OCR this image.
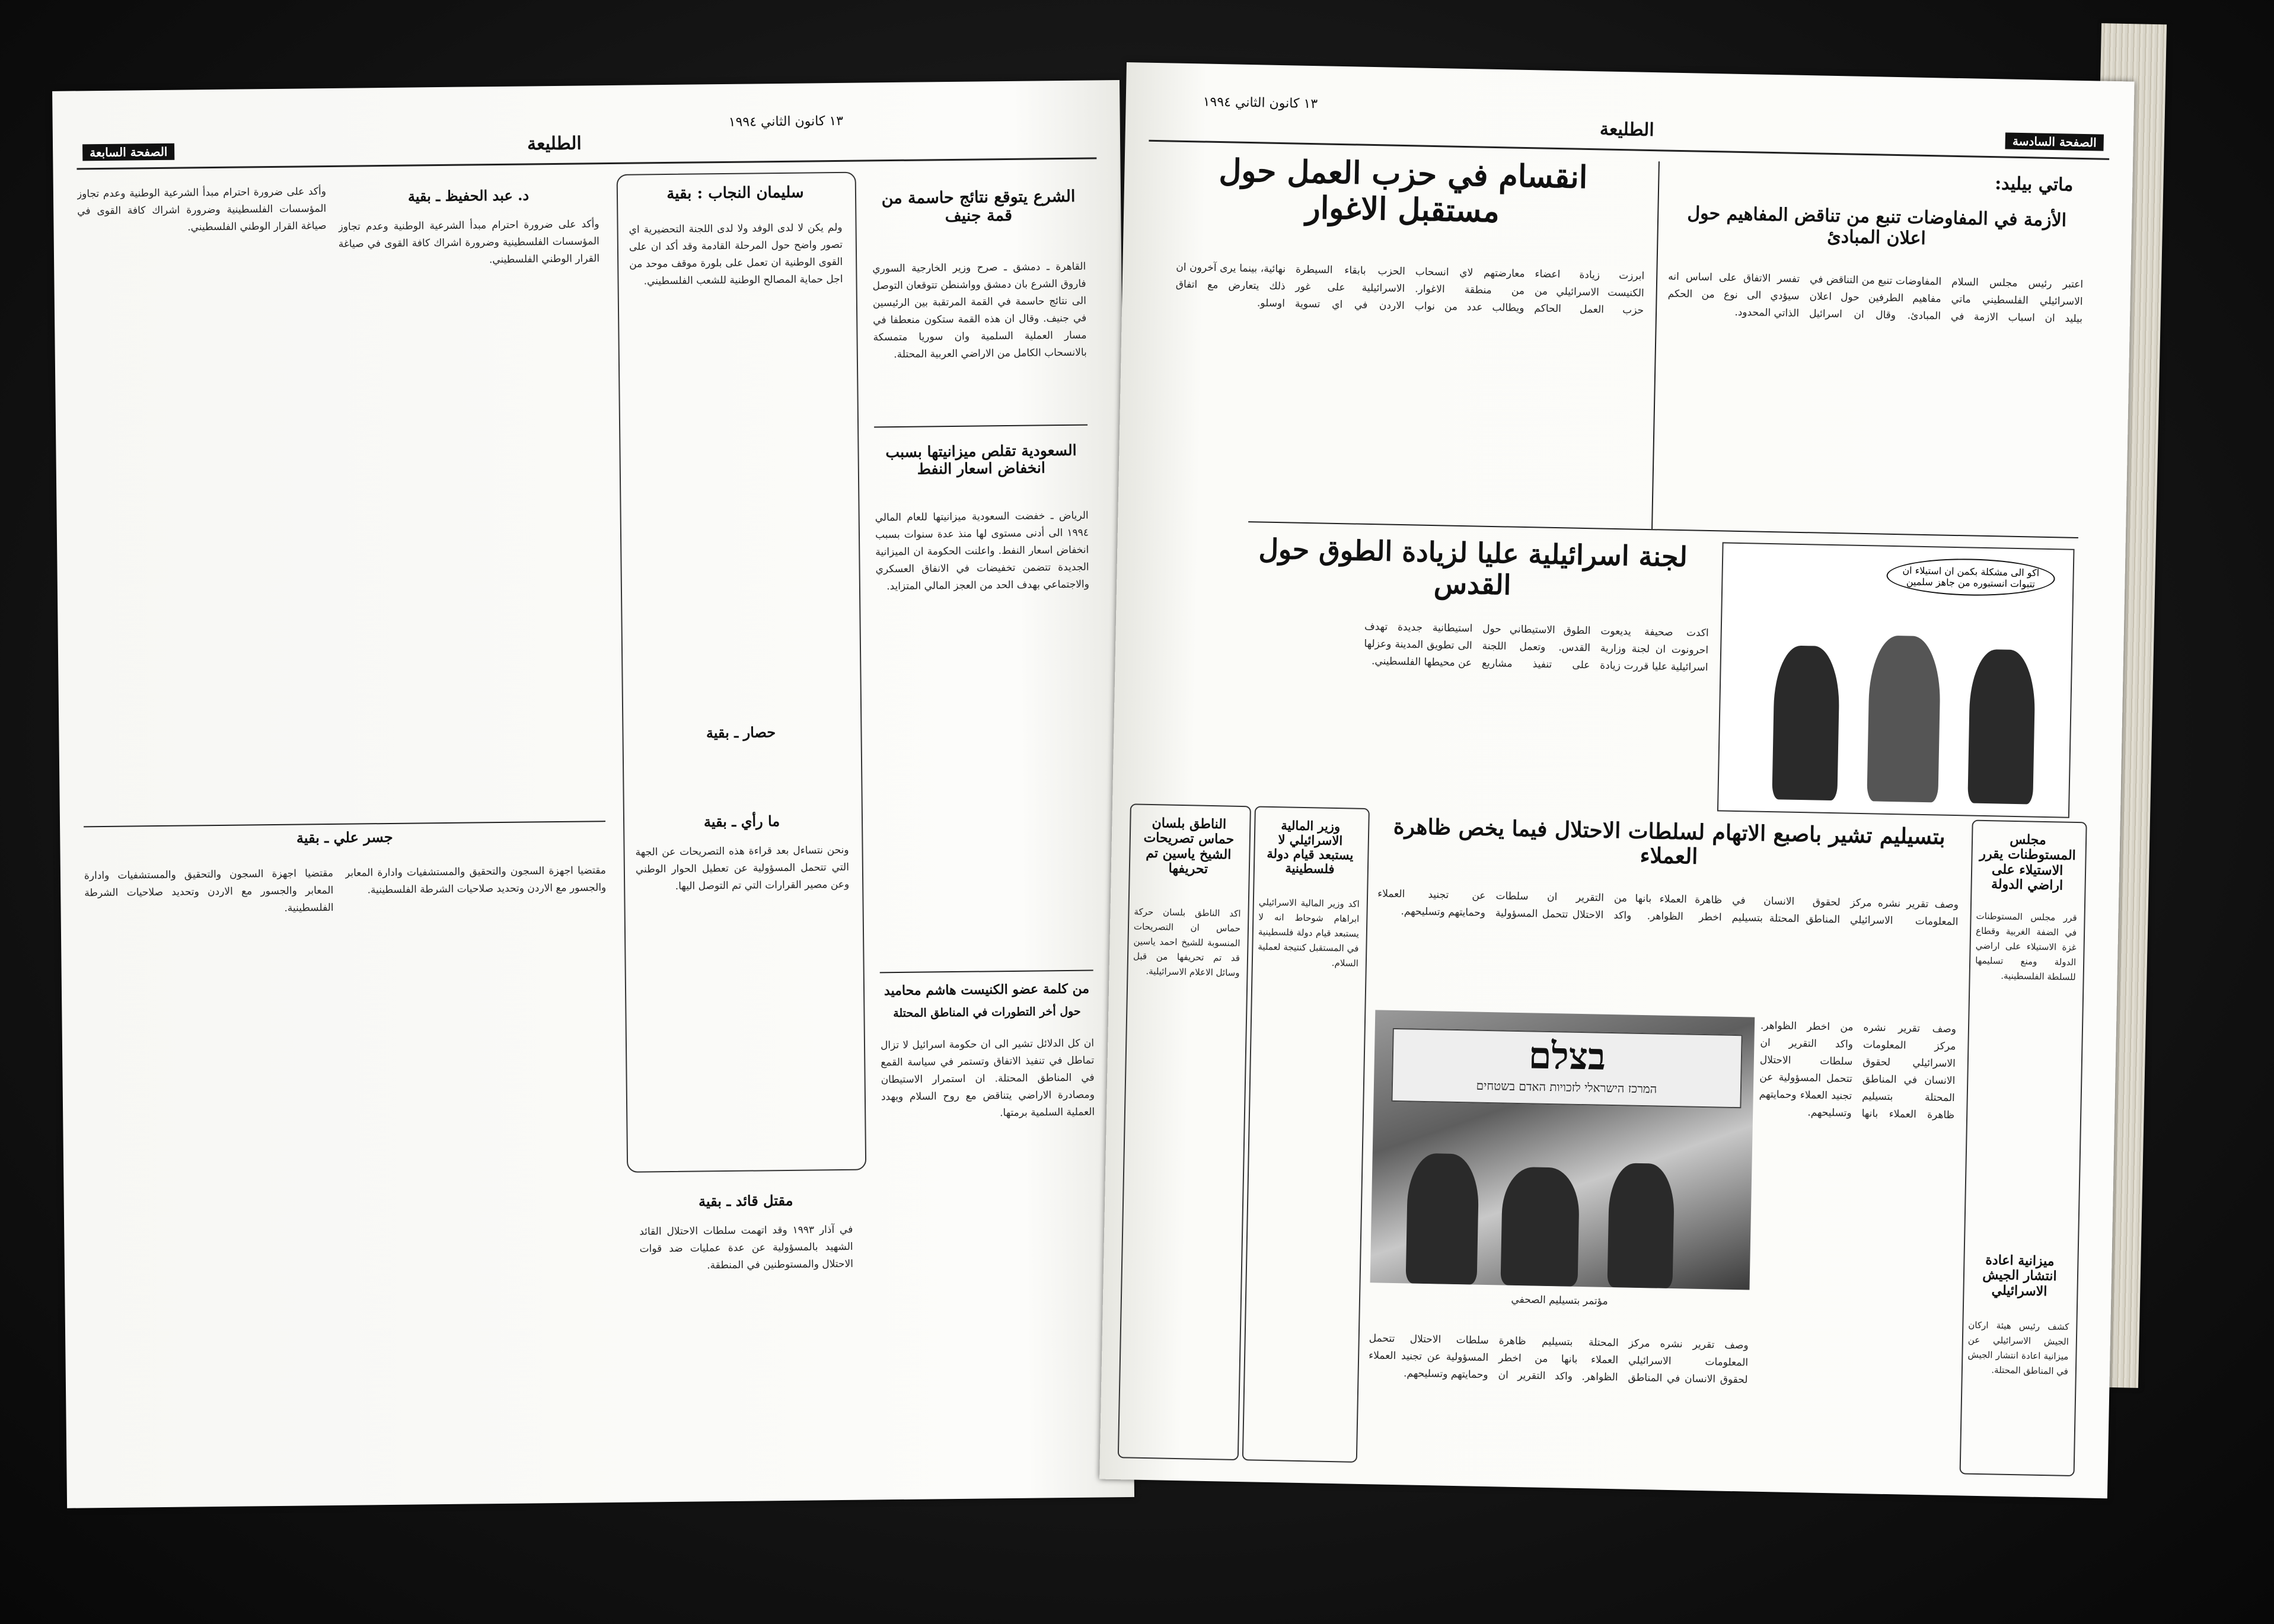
١٣ كانون الثاني ١٩٩٤
الطليعة
الصفحة السابعة
الشرع يتوقع نتائج حاسمة من قمة جنيف
القاهرة ـ دمشق ـ صرح وزير الخارجية السوري فاروق الشرع بان دمشق وواشنطن تتوقعان التوصل الى نتائج حاسمة في القمة المرتقبة بين الرئيسين في جنيف. وقال ان هذه القمة ستكون منعطفا في مسار العملية السلمية وان سوريا متمسكة بالانسحاب الكامل من الاراضي العربية المحتلة.
السعودية تقلص ميزانيتها بسبب انخفاض اسعار النفط
الرياض ـ خفضت السعودية ميزانيتها للعام المالي ١٩٩٤ الى أدنى مستوى لها منذ عدة سنوات بسبب انخفاض اسعار النفط. واعلنت الحكومة ان الميزانية الجديدة تتضمن تخفيضات في الانفاق العسكري والاجتماعي بهدف الحد من العجز المالي المتزايد.
من كلمة عضو الكنيست هاشم محاميد
حول أخر التطورات في المناطق المحتلة
ان كل الدلائل تشير الى ان حكومة اسرائيل لا تزال تماطل في تنفيذ الاتفاق وتستمر في سياسة القمع في المناطق المحتلة. ان استمرار الاستيطان ومصادرة الاراضي يتناقض مع روح السلام ويهدد العملية السلمية برمتها.
سليمان النجاب : بقية
ولم يكن لا لدى الوفد ولا لدى اللجنة التحضيرية اي تصور واضح حول المرحلة القادمة وقد أكد ان على القوى الوطنية ان تعمل على بلورة موقف موحد من اجل حماية المصالح الوطنية للشعب الفلسطيني.
ما رأي ـ بقية
ونحن نتساءل بعد قراءة هذه التصريحات عن الجهة التي تتحمل المسؤولية عن تعطيل الحوار الوطني وعن مصير القرارات التي تم التوصل اليها.
مقتل قائد ـ بقية
في آذار ١٩٩٣ وقد اتهمت سلطات الاحتلال القائد الشهيد بالمسؤولية عن عدة عمليات ضد قوات الاحتلال والمستوطنين في المنطقة.
حصار ـ بقية
د. عبد الحفيظ ـ بقية
وأكد على ضرورة احترام مبدأ الشرعية الوطنية وعدم تجاوز المؤسسات الفلسطينية وضرورة اشراك كافة القوى في صياغة القرار الوطني الفلسطيني.
وأكد على ضرورة احترام مبدأ الشرعية الوطنية وعدم تجاوز المؤسسات الفلسطينية وضرورة اشراك كافة القوى في صياغة القرار الوطني الفلسطيني.
جسر علي ـ بقية
مقتضيا اجهزة السجون والتحقيق والمستشفيات وادارة المعابر والجسور مع الاردن وتحديد صلاحيات الشرطة الفلسطينية.
مقتضيا اجهزة السجون والتحقيق والمستشفيات وادارة المعابر والجسور مع الاردن وتحديد صلاحيات الشرطة الفلسطينية.
١٣ كانون الثاني ١٩٩٤
الطليعة
الصفحة السادسة
انقسام في حزب العمل حول مستقبل الاغوار
ابرزت زيادة اعضاء الكنيست الاسرائيلي من حزب العمل الحاكم معارضتهم لاي انسحاب من منطقة الاغوار. ويطالب عدد من نواب الحزب بابقاء السيطرة الاسرائيلية على غور الاردن في اي تسوية نهائية، بينما يرى آخرون ان ذلك يتعارض مع اتفاق اوسلو.
ماتي بيليد:
الأزمة في المفاوضات تنبع من تناقض المفاهيم حول اعلان المبادئ
اعتبر رئيس مجلس السلام الاسرائيلي الفلسطيني ماتي بيليد ان اسباب الازمة في المفاوضات تنبع من التناقض في مفاهيم الطرفين حول اعلان المبادئ. وقال ان اسرائيل تفسر الاتفاق على اساس انه سيؤدي الى نوع من الحكم الذاتي المحدود.
لجنة اسرائيلية عليا لزيادة الطوق حول القدس
اكدت صحيفة يديعوت احرونوت ان لجنة وزارية اسرائيلية عليا قررت زيادة الطوق الاستيطاني حول القدس. وتعمل اللجنة على تنفيذ مشاريع استيطانية جديدة تهدف الى تطويق المدينة وعزلها عن محيطها الفلسطيني.
اكو الى مشكلة بكمن ان استيلاء ان تتبوات انستبوره من جاهز سلمين
الناطق بلسان حماس تصريحات الشيخ ياسين تم تحريفها
اكد الناطق بلسان حركة حماس ان التصريحات المنسوبة للشيخ احمد ياسين قد تم تحريفها من قبل وسائل الاعلام الاسرائيلية.
وزير المالية الاسرائيلي لا يستبعد قيام دولة فلسطينية
اكد وزير المالية الاسرائيلي ابراهام شوحاط انه لا يستبعد قيام دولة فلسطينية في المستقبل كنتيجة لعملية السلام.
بتسيليم تشير باصبع الاتهام لسلطات الاحتلال فيما يخص ظاهرة العملاء
وصف تقرير نشره مركز المعلومات الاسرائيلي لحقوق الانسان في المناطق المحتلة بتسيليم ظاهرة العملاء بانها من اخطر الظواهر. واكد التقرير ان سلطات الاحتلال تتحمل المسؤولية عن تجنيد العملاء وحمايتهم وتسليحهم.
בצלם
המרכז הישראלי לזכויות האדם בשטחים
مؤتمر بتسيليم الصحفي
وصف تقرير نشره مركز المعلومات الاسرائيلي لحقوق الانسان في المناطق المحتلة بتسيليم ظاهرة العملاء بانها من اخطر الظواهر. واكد التقرير ان سلطات الاحتلال تتحمل المسؤولية عن تجنيد العملاء وحمايتهم وتسليحهم.
وصف تقرير نشره مركز المعلومات الاسرائيلي لحقوق الانسان في المناطق المحتلة بتسيليم ظاهرة العملاء بانها من اخطر الظواهر. واكد التقرير ان سلطات الاحتلال تتحمل المسؤولية عن تجنيد العملاء وحمايتهم وتسليحهم.
مجلس المستوطنات يقرر الاستيلاء على اراضي الدولة
قرر مجلس المستوطنات في الضفة الغربية وقطاع غزة الاستيلاء على اراضي الدولة ومنع تسليمها للسلطة الفلسطينية.
ميزانية اعادة انتشار الجيش الاسرائيلي
كشف رئيس هيئة اركان الجيش الاسرائيلي عن ميزانية اعادة انتشار الجيش في المناطق المحتلة.
